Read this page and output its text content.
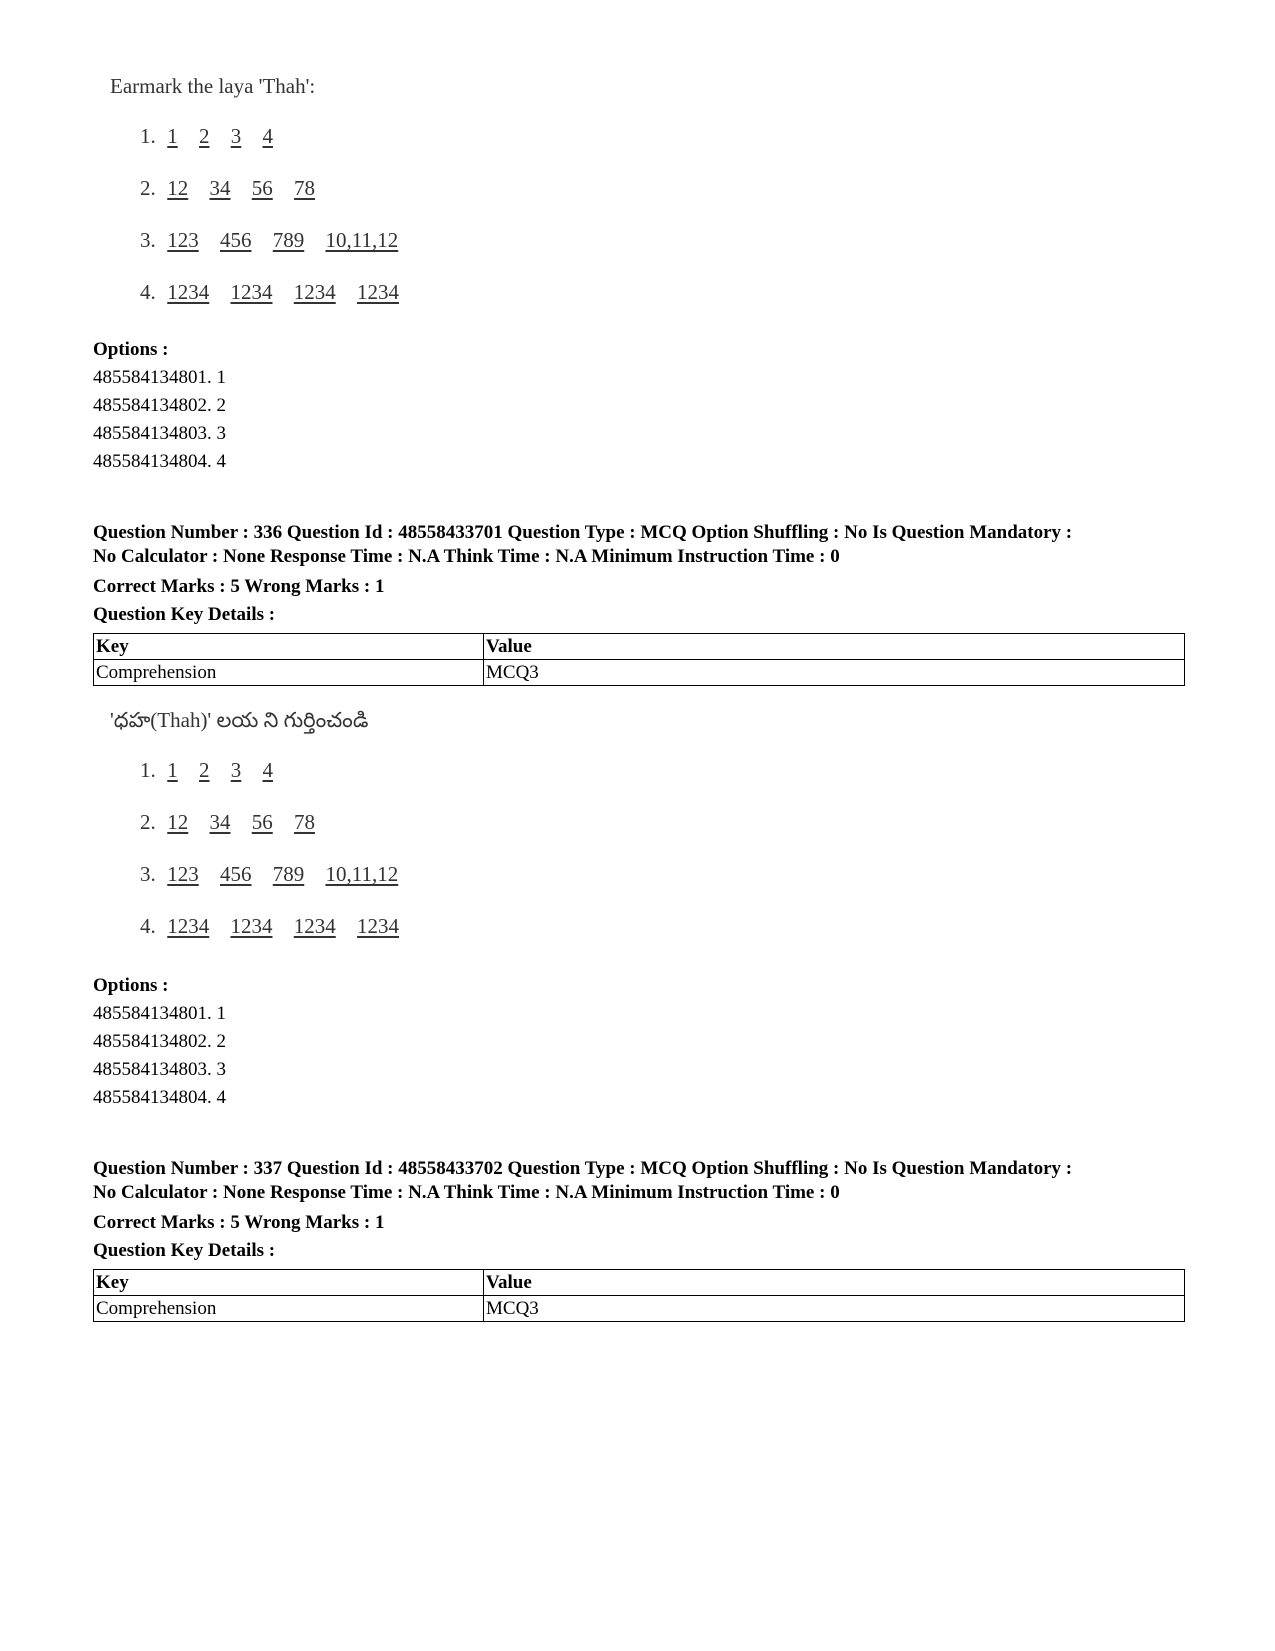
Earmark the laya 'Thah':
1. 1 2 3 4
2. 12 34 56 78
3. 123 456 789 10,11,12
4. 1234 1234 1234 1234
Options :
485584134801. 1
485584134802. 2
485584134803. 3
485584134804. 4
Question Number : 336 Question Id : 48558433701 Question Type : MCQ Option Shuffling : No Is Question Mandatory :
No Calculator : None Response Time : N.A Think Time : N.A Minimum Instruction Time : 0
Correct Marks : 5 Wrong Marks : 1
Question Key Details :
Key	Value
Comprehension	MCQ3
'ధహ(Thah)' లయ ని గుర్తించండి
1. 1 2 3 4
2. 12 34 56 78
3. 123 456 789 10,11,12
4. 1234 1234 1234 1234
Options :
485584134801. 1
485584134802. 2
485584134803. 3
485584134804. 4
Question Number : 337 Question Id : 48558433702 Question Type : MCQ Option Shuffling : No Is Question Mandatory :
No Calculator : None Response Time : N.A Think Time : N.A Minimum Instruction Time : 0
Correct Marks : 5 Wrong Marks : 1
Question Key Details :
Key	Value
Comprehension	MCQ3
